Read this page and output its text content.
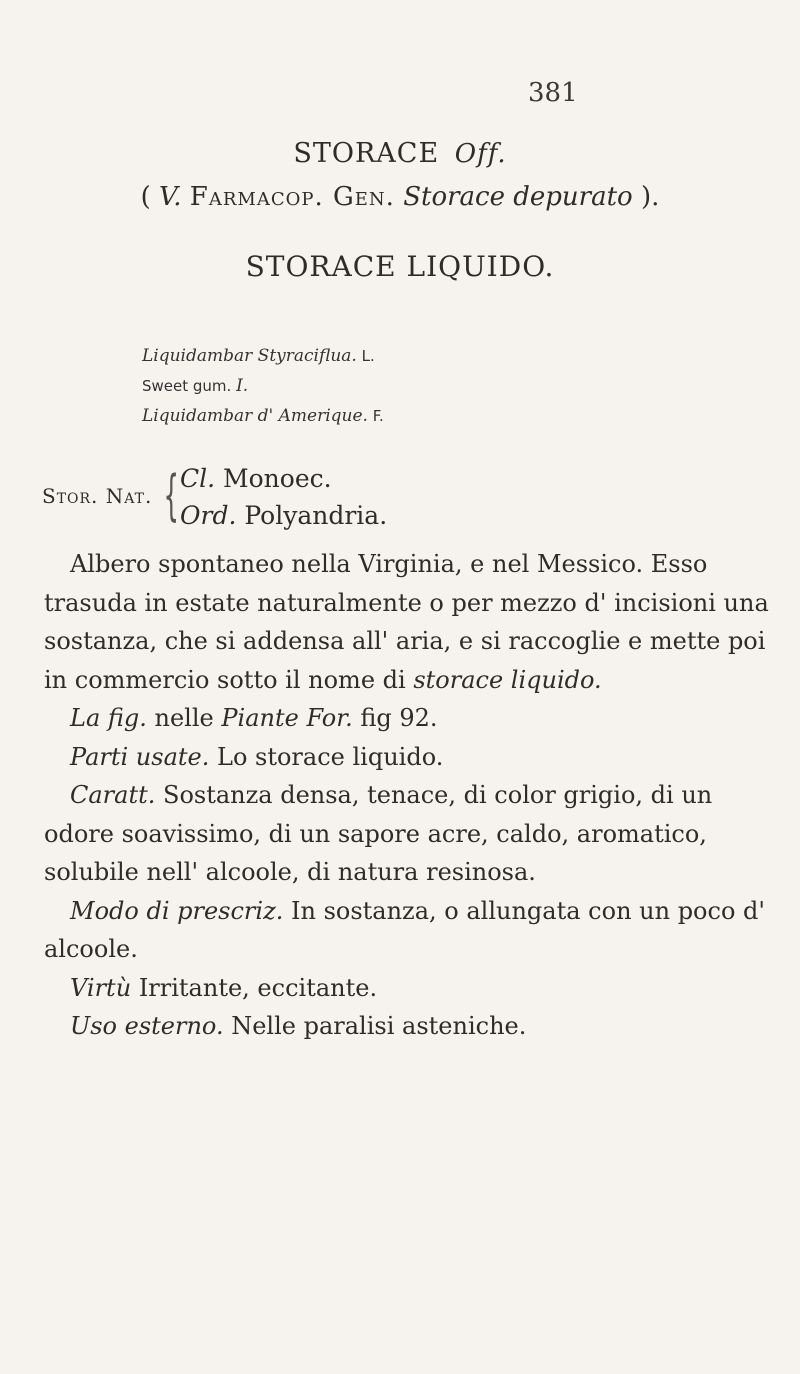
381
STORACE Off.
( V. Farmacop. Gen. Storace depurato ).
STORACE LIQUIDO.
Liquidambar Styraciflua. L.
Sweet gum. I.
Liquidambar d' Amerique. F.
Stor. Nat. { Cl. Monoec.
Ord. Polyandria.

Albero spontaneo nella Virginia, e nel Messico. Esso trasuda in estate naturalmente o per mezzo d' incisioni una sostanza, che si addensa all' aria, e si raccoglie e mette poi in commercio sotto il nome di storace liquido.

La fig. nelle Piante For. fig 92.

Parti usate. Lo storace liquido.

Caratt. Sostanza densa, tenace, di color grigio, di un odore soavissimo, di un sapore acre, caldo, aromatico, solubile nell' alcoole, di natura resinosa.

Modo di prescriz. In sostanza, o allungata con un poco d' alcoole.

Virtù Irritante, eccitante.

Uso esterno. Nelle paralisi asteniche.
